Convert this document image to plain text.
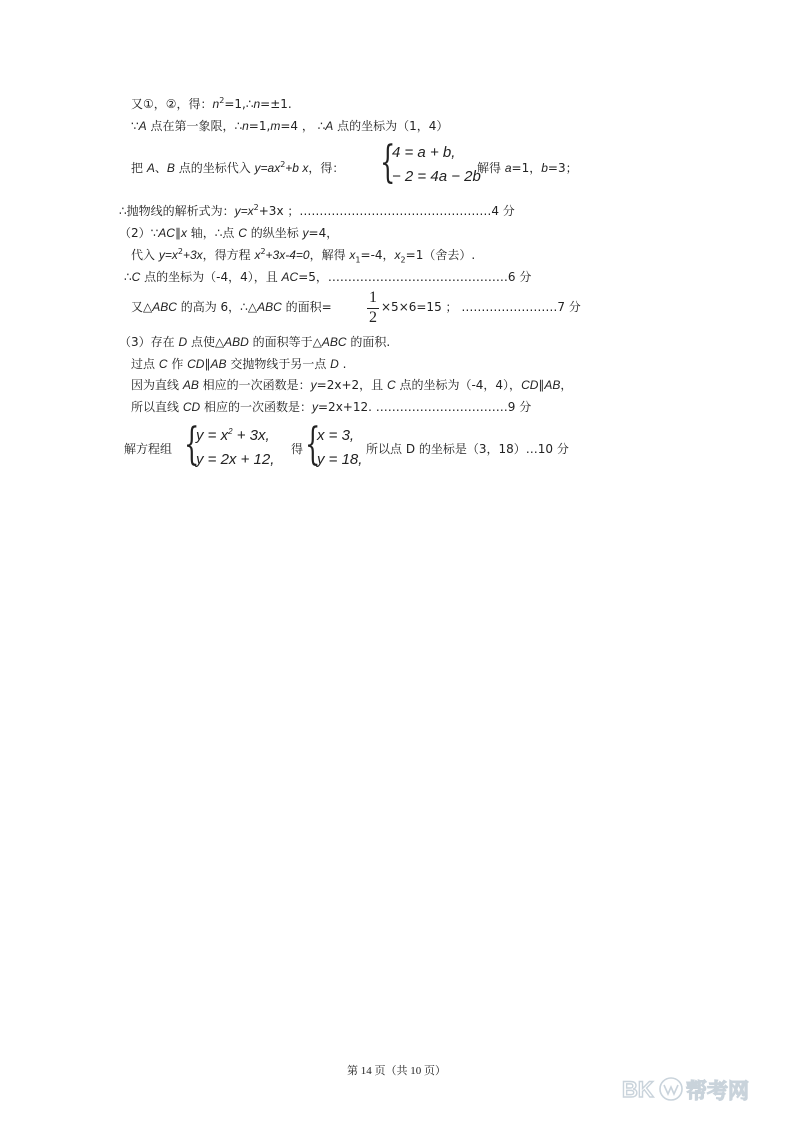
又①，②，得：$n^2=1,\therefore n=\pm 1$.
∵A 点在第一象限，∴n=1,m=4 ， ∴A 点的坐标为（1，4）
把 A、B 点的坐标代入 $y=ax^2+b$ x，得： {
4 = a + b,
− 2 = 4a − 2b
解得 a=1，b=3；
∴抛物线的解析式为：$y=x^2+3x$ ；…………………………………………4 分
（2）∵AC∥x 轴，∴点 C 的纵坐标 y=4，
代入 $y=x^2+3x$，得方程 $x^2+3x-4=0$，解得 $x_1=-4$，$x_2=1$（舍去）.
∴C 点的坐标为（-4，4），且 AC=5，………………………………………6 分
又△ABC 的高为 6，∴△ABC 的面积=
1
2
×5×6=15 ； ……………………7 分
（3）存在 D 点使△ABD 的面积等于△ABC 的面积.
过点 C 作 CD∥AB 交抛物线于另一点 D .
因为直线 AB 相应的一次函数是：y=2x+2，且 C 点的坐标为（-4，4），CD∥AB，
所以直线 CD 相应的一次函数是：y=2x+12. ……………………………9 分
解方程组 {
$y = x^2 + 3x$,
y = 2x + 12,
得 {
x = 3,
y = 18,
所以点 D 的坐标是（3，18）…10 分
第 14 页（共 10 页）
BK 帮考网
